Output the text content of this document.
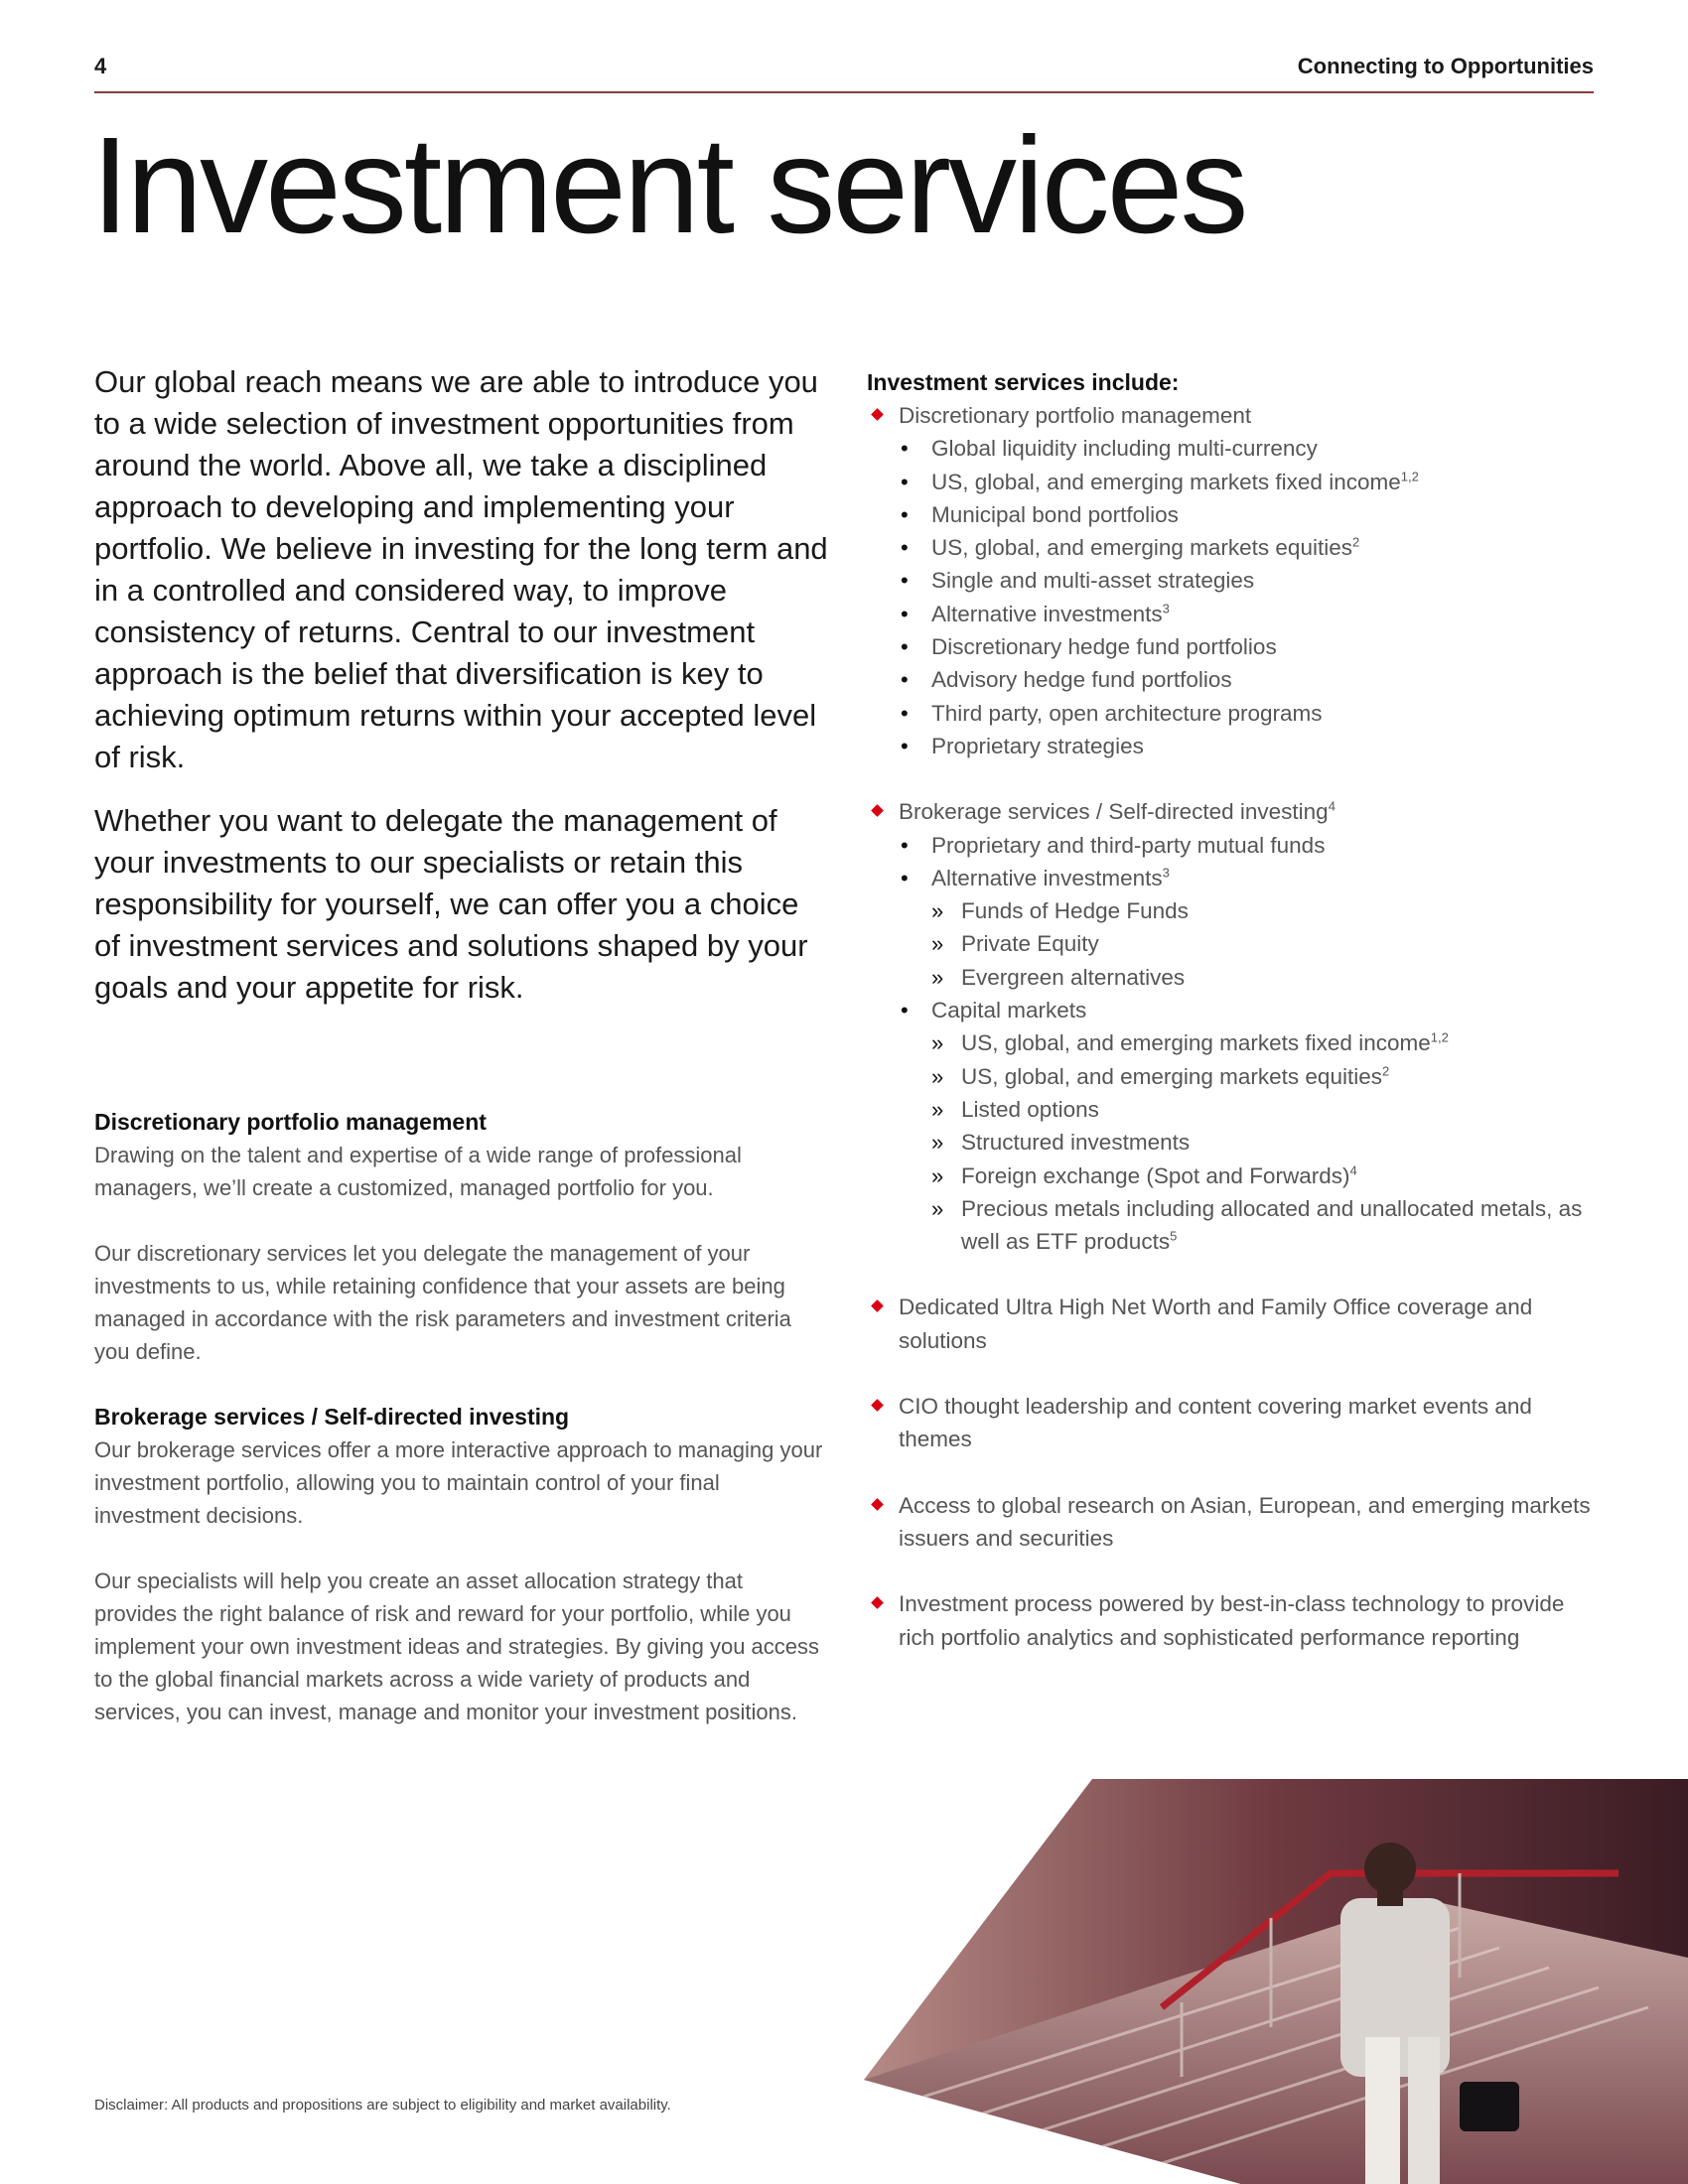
4	Connecting to Opportunities
Investment services

Our global reach means we are able to introduce you to a wide selection of investment opportunities from around the world. Above all, we take a disciplined approach to developing and implementing your portfolio. We believe in investing for the long term and in a controlled and considered way, to improve consistency of returns. Central to our investment approach is the belief that diversification is key to achieving optimum returns within your accepted level of risk.

Whether you want to delegate the management of your investments to our specialists or retain this responsibility for yourself, we can offer you a choice of investment services and solutions shaped by your goals and your appetite for risk.

Discretionary portfolio management

Drawing on the talent and expertise of a wide range of professional managers, we’ll create a customized, managed portfolio for you.

Our discretionary services let you delegate the management of your investments to us, while retaining confidence that your assets are being managed in accordance with the risk parameters and investment criteria you define.

Brokerage services / Self-directed investing

Our brokerage services offer a more interactive approach to managing your investment portfolio, allowing you to maintain control of your final investment decisions.

Our specialists will help you create an asset allocation strategy that provides the right balance of risk and reward for your portfolio, while you implement your own investment ideas and strategies. By giving you access to the global financial markets across a wide variety of products and services, you can invest, manage and monitor your investment positions.

Investment services include:
Discretionary portfolio management
• Global liquidity including multi-currency
• US, global, and emerging markets fixed income$^{1,2}$
• Municipal bond portfolios
• US, global, and emerging markets equities$^2$
• Single and multi-asset strategies
• Alternative investments$^3$
• Discretionary hedge fund portfolios
• Advisory hedge fund portfolios
• Third party, open architecture programs
• Proprietary strategies
Brokerage services / Self-directed investing$^4$
• Proprietary and third-party mutual funds
• Alternative investments$^3$
» Funds of Hedge Funds
» Private Equity
» Evergreen alternatives
• Capital markets
» US, global, and emerging markets fixed income$^{1,2}$
» US, global, and emerging markets equities$^2$
» Listed options
» Structured investments
» Foreign exchange (Spot and Forwards)$^4$
» Precious metals including allocated and unallocated metals, as well as ETF products$^5$
Dedicated Ultra High Net Worth and Family Office coverage and solutions
CIO thought leadership and content covering market events and themes
Access to global research on Asian, European, and emerging markets issuers and securities
Investment process powered by best-in-class technology to provide rich portfolio analytics and sophisticated performance reporting
Disclaimer: All products and propositions are subject to eligibility and market availability.
